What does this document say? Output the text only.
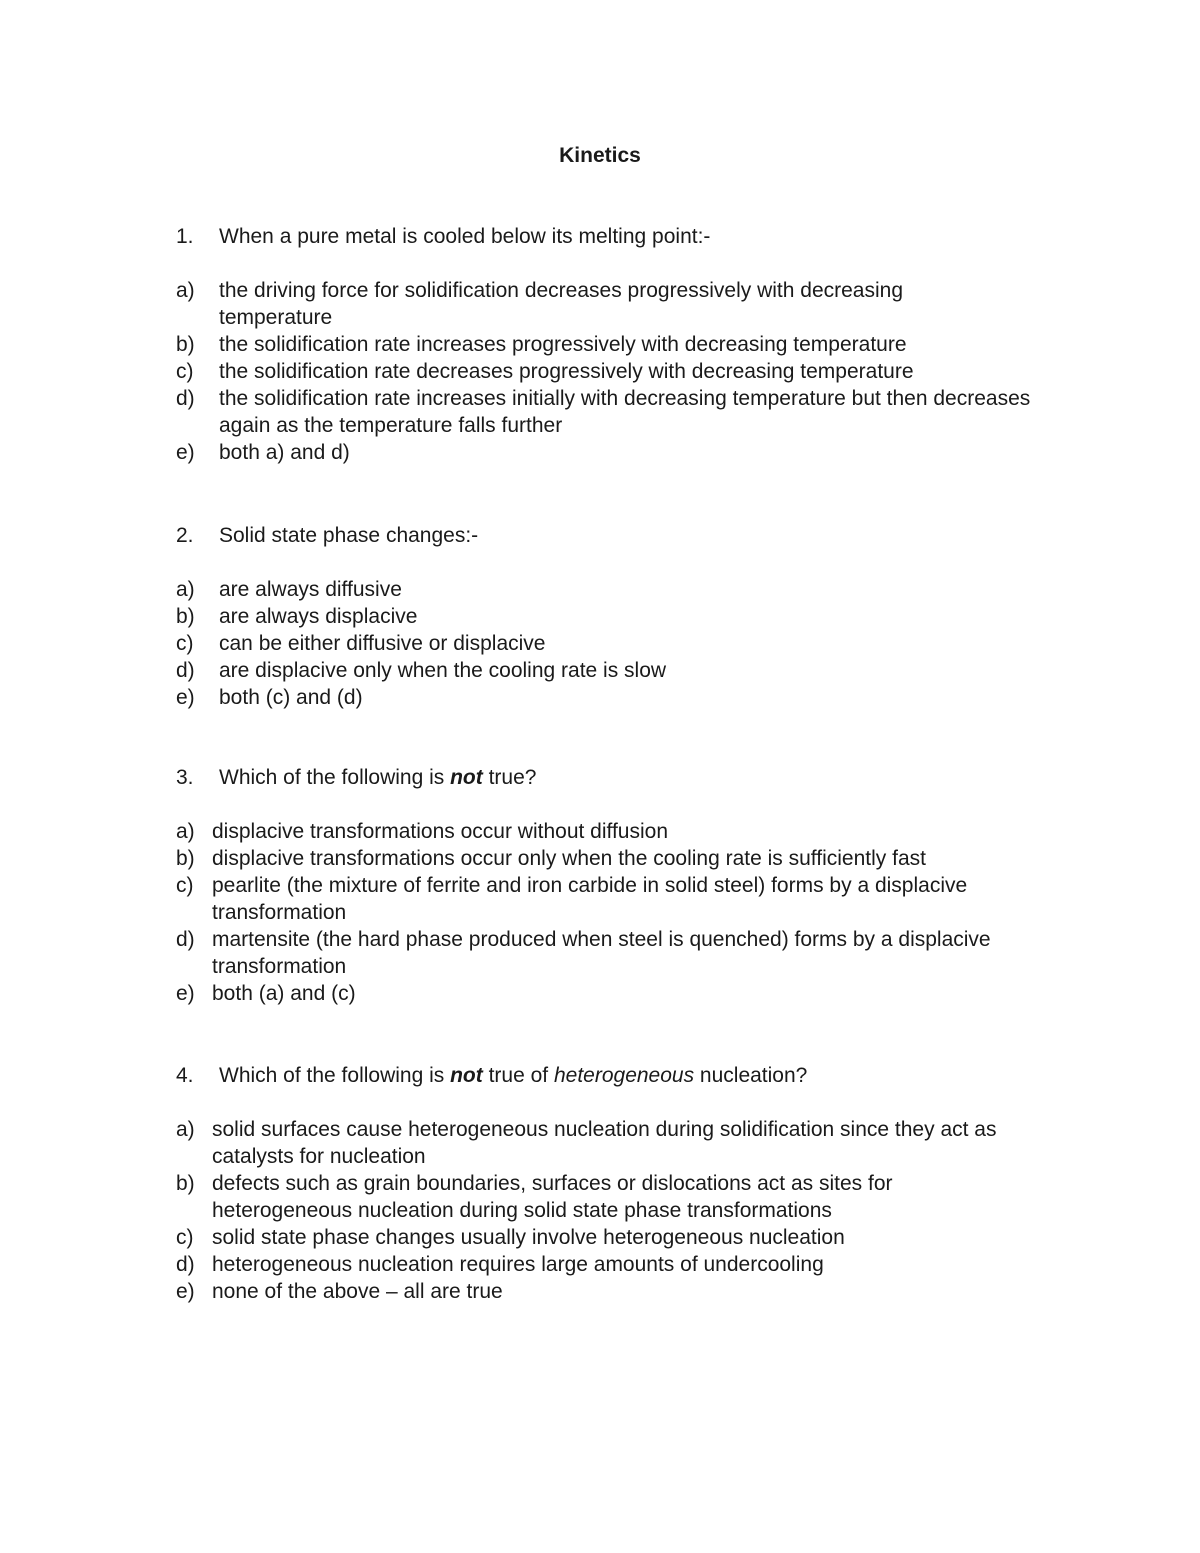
Kinetics
1. When a pure metal is cooled below its melting point:-
a) the driving force for solidification decreases progressively with decreasing temperature
b) the solidification rate increases progressively with decreasing temperature
c) the solidification rate decreases progressively with decreasing temperature
d) the solidification rate increases initially with decreasing temperature but then decreases again as the temperature falls further
e) both a) and d)
2. Solid state phase changes:-
a) are always diffusive
b) are always displacive
c) can be either diffusive or displacive
d) are displacive only when the cooling rate is slow
e) both (c) and (d)
3. Which of the following is not true?
a) displacive transformations occur without diffusion
b) displacive transformations occur only when the cooling rate is sufficiently fast
c) pearlite (the mixture of ferrite and iron carbide in solid steel) forms by a displacive transformation
d) martensite (the hard phase produced when steel is quenched) forms by a displacive transformation
e) both (a) and (c)
4. Which of the following is not true of heterogeneous nucleation?
a) solid surfaces cause heterogeneous nucleation during solidification since they act as catalysts for nucleation
b) defects such as grain boundaries, surfaces or dislocations act as sites for heterogeneous nucleation during solid state phase transformations
c) solid state phase changes usually involve heterogeneous nucleation
d) heterogeneous nucleation requires large amounts of undercooling
e) none of the above – all are true
